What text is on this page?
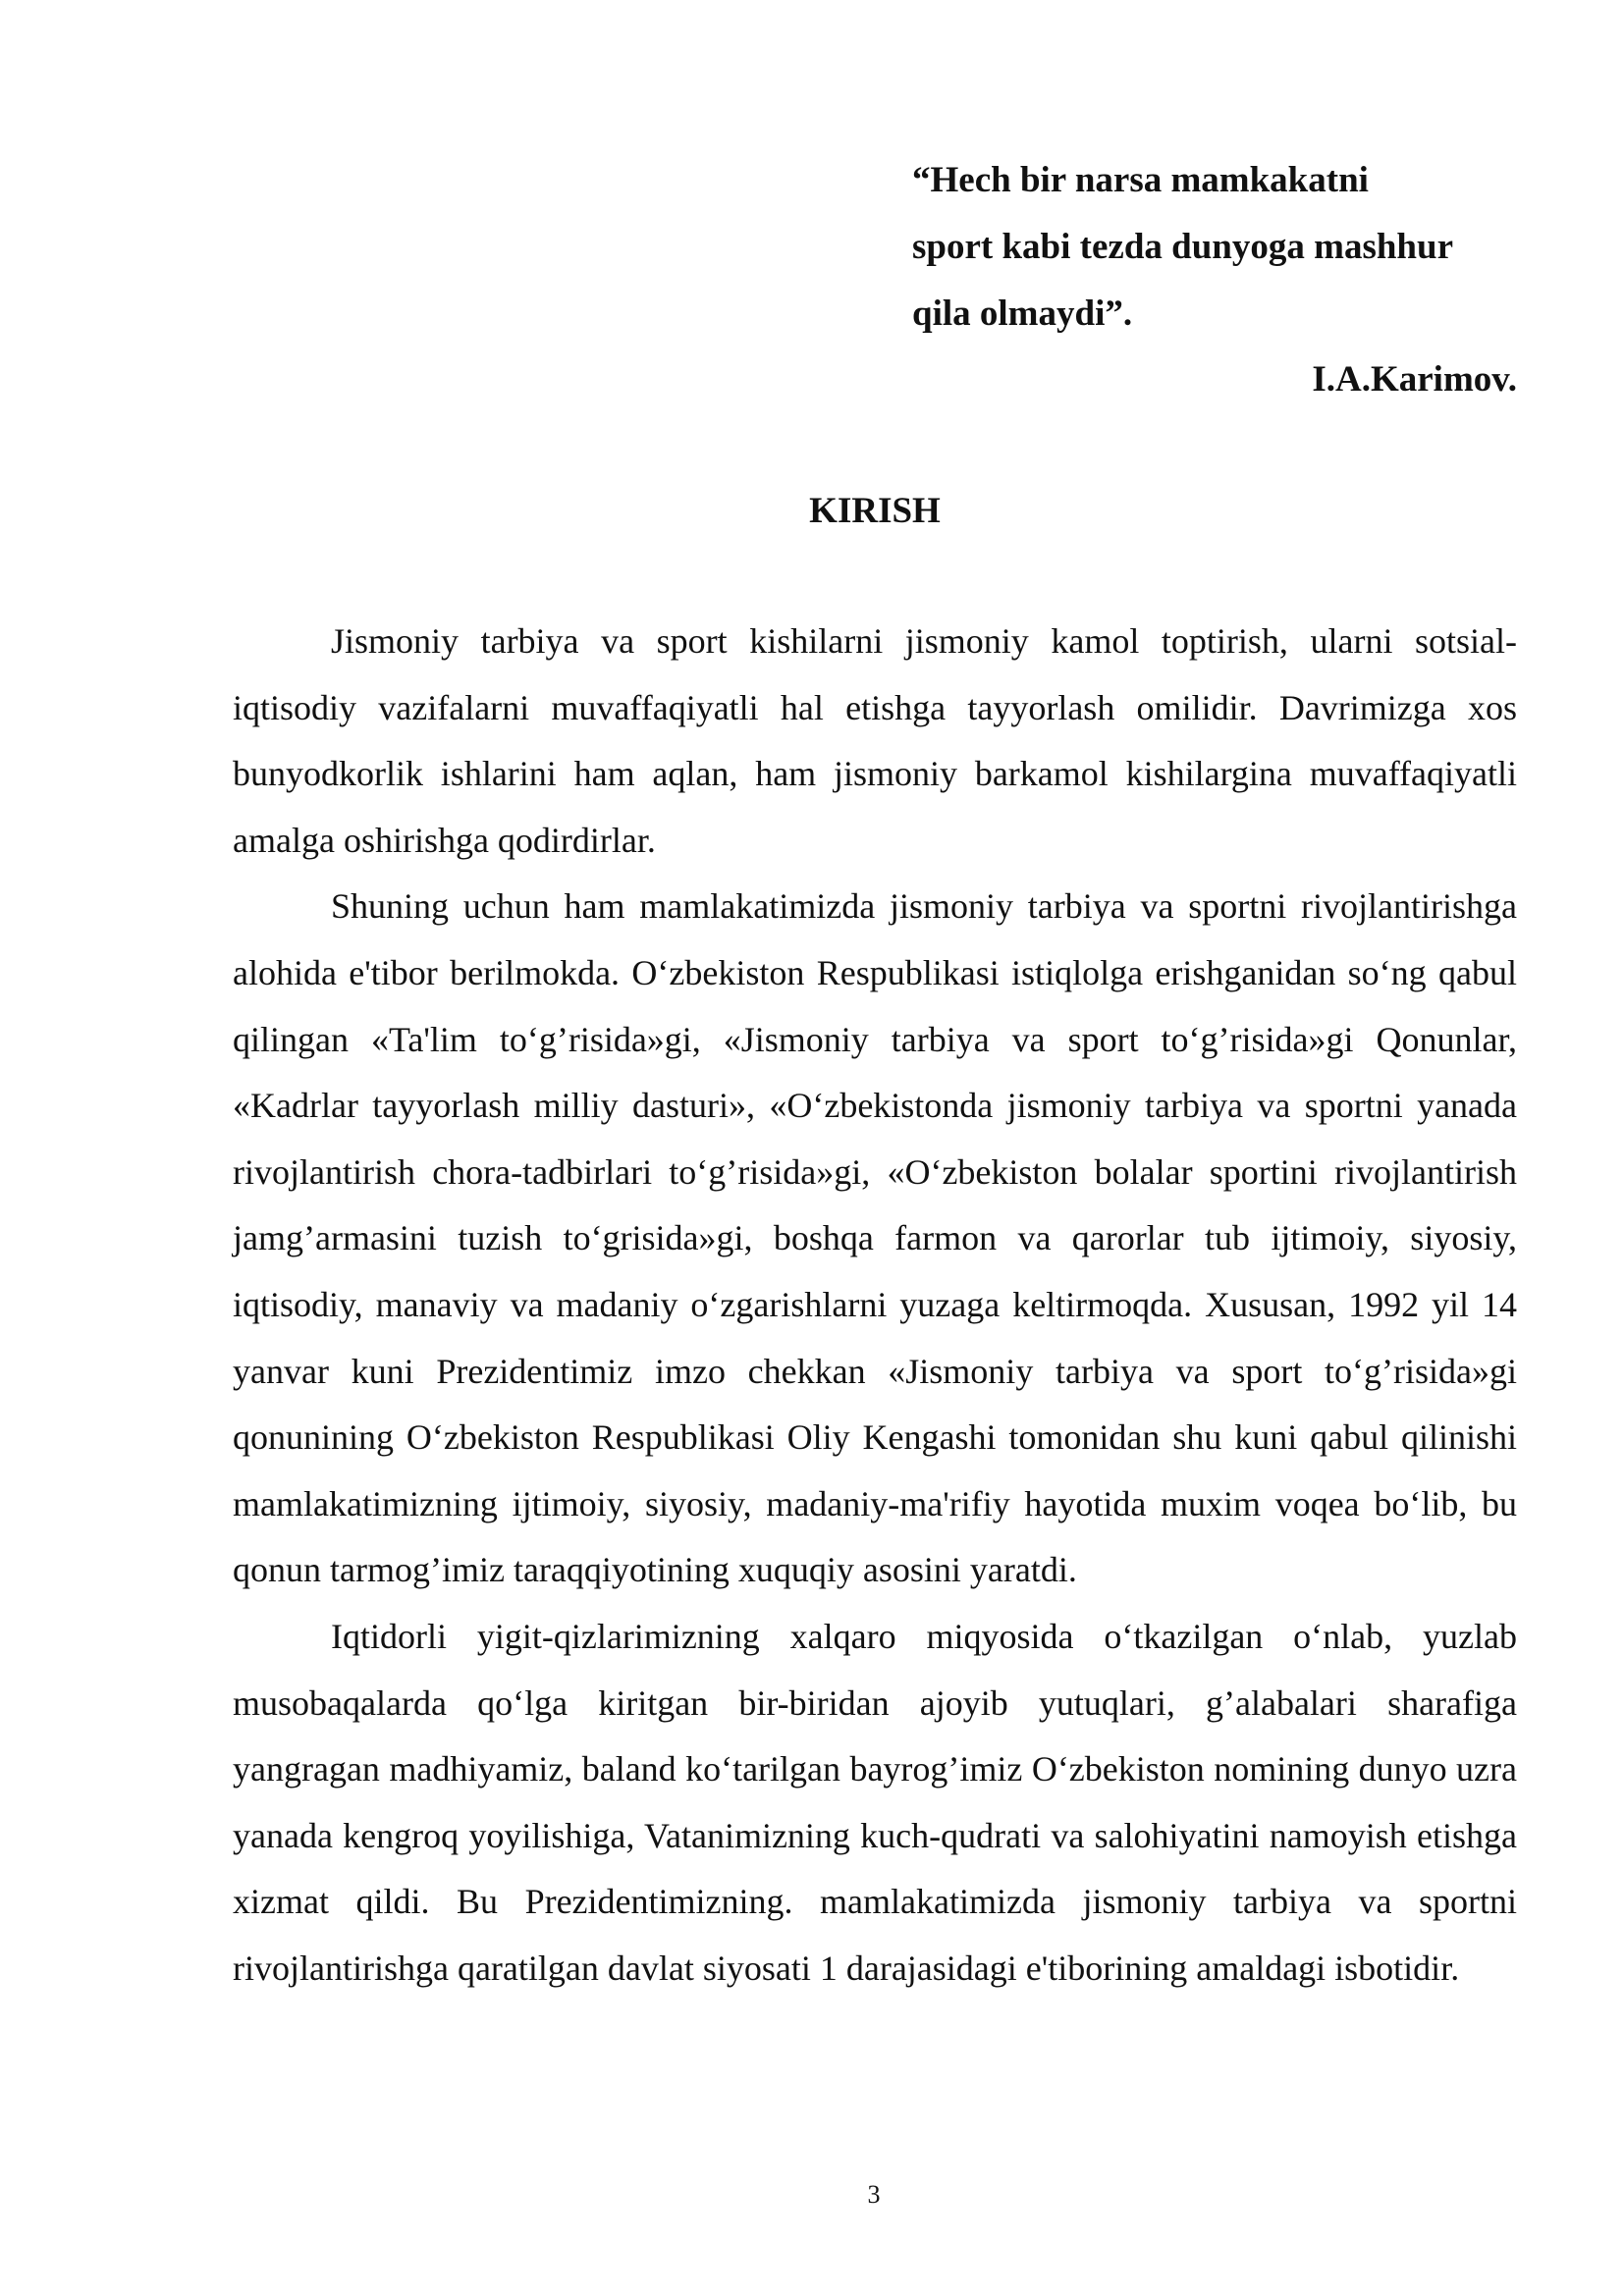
“Hech bir narsa mamkakatni
sport kabi tezda dunyoga mashhur
qila olmaydi”.
I.A.Karimov.
KIRISH

Jismoniy tarbiya va sport kishilarni jismoniy kamol toptirish, ularni sotsial-iqtisodiy vazifalarni muvaffaqiyatli hal etishga tayyorlash omilidir. Davrimizga xos bunyodkorlik ishlarini ham aqlan, ham jismoniy barkamol kishilargina muvaffaqiyatli amalga oshirishga qodirdirlar.

Shuning uchun ham mamlakatimizda jismoniy tarbiya va sportni rivojlantirishga alohida e'tibor berilmokda. O‘zbekiston Respublikasi istiqlolga erishganidan so‘ng qabul qilingan «Ta'lim to‘g’risida»gi, «Jismoniy tarbiya va sport to‘g’risida»gi Qonunlar, «Kadrlar tayyorlash milliy dasturi», «O‘zbekistonda jismoniy tarbiya va sportni yanada rivojlantirish chora-tadbirlari to‘g’risida»gi, «O‘zbekiston bolalar sportini rivojlantirish jamg’armasini tuzish to‘grisida»gi, boshqa farmon va qarorlar tub ijtimoiy, siyosiy, iqtisodiy, manaviy va madaniy o‘zgarishlarni yuzaga keltirmoqda. Xususan, 1992 yil 14 yanvar kuni Prezidentimiz imzo chekkan «Jismoniy tarbiya va sport to‘g’risida»gi qonunining O‘zbekiston Respublikasi Oliy Kengashi tomonidan shu kuni qabul qilinishi mamlakatimizning ijtimoiy, siyosiy, madaniy-ma'rifiy hayotida muxim voqea bo‘lib, bu qonun tarmog’imiz taraqqiyotining xuquqiy asosini yaratdi.

Iqtidorli yigit-qizlarimizning xalqaro miqyosida o‘tkazilgan o‘nlab, yuzlab musobaqalarda qo‘lga kiritgan bir-biridan ajoyib yutuqlari, g’alabalari sharafiga yangragan madhiyamiz, baland ko‘tarilgan bayrog’imiz O‘zbekiston nomining dunyo uzra yanada kengroq yoyilishiga, Vatanimizning kuch-qudrati va salohiyatini namoyish etishga xizmat qildi. Bu Prezidentimizning. mamlakatimizda jismoniy tarbiya va sportni rivojlantirishga qaratilgan davlat siyosati 1 darajasidagi e'tiborining amaldagi isbotidir.

3
